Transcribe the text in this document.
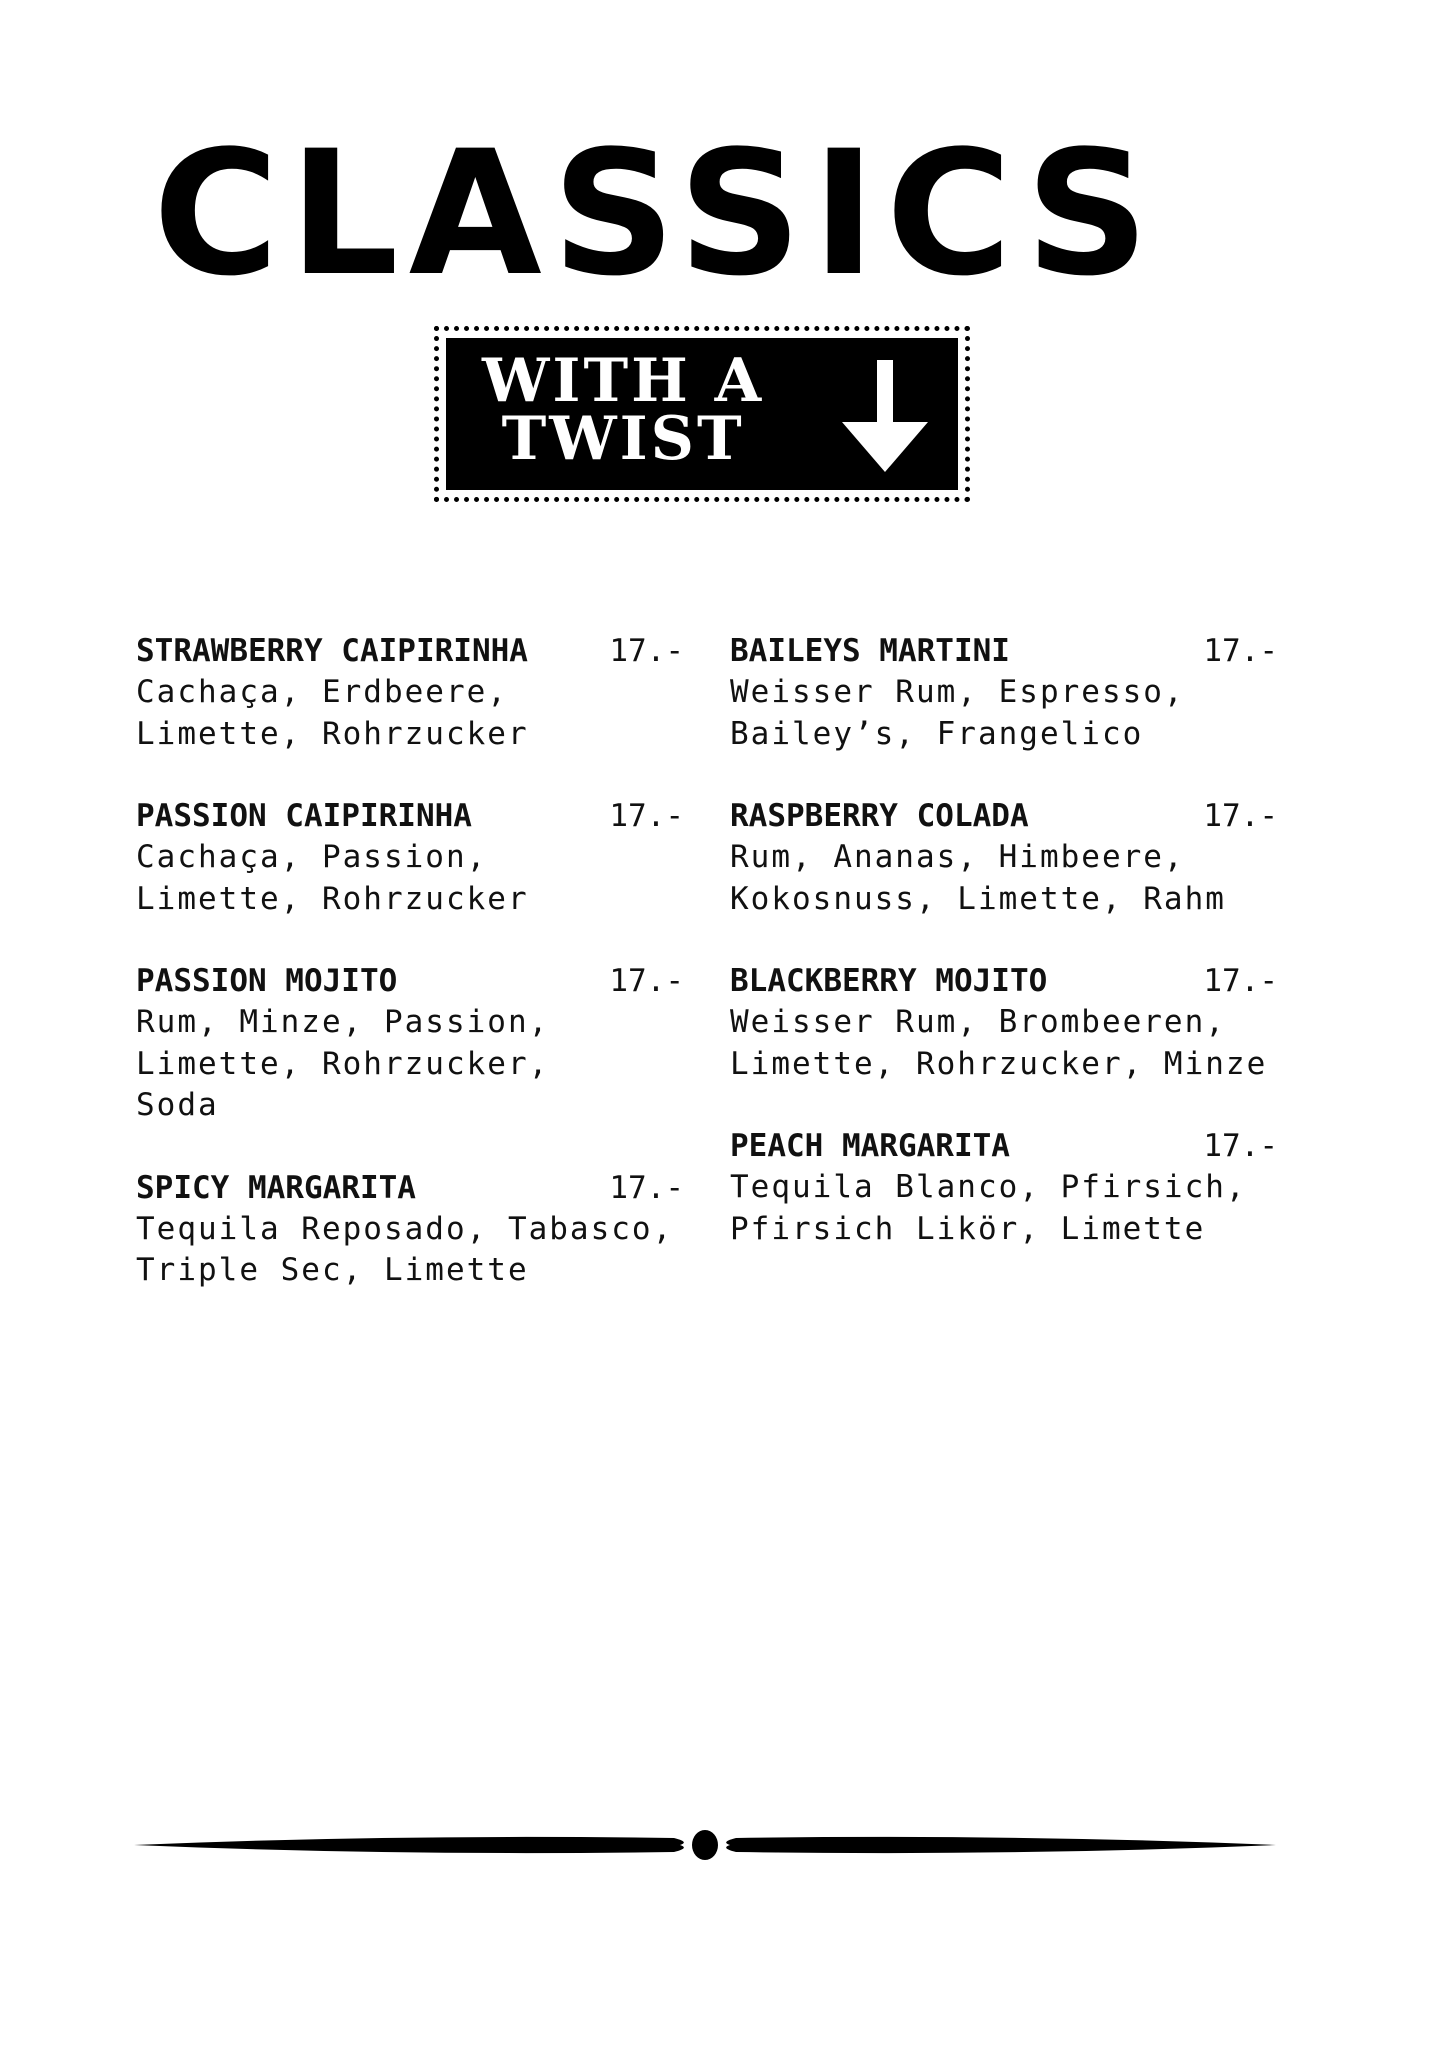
CLASSICS
WITH A
TWIST
STRAWBERRY CAIPIRINHA	17.-
Cachaça, Erdbeere,
Limette, Rohrzucker
PASSION CAIPIRINHA	17.-
Cachaça, Passion,
Limette, Rohrzucker
PASSION MOJITO	17.-
Rum, Minze, Passion,
Limette, Rohrzucker,
Soda
SPICY MARGARITA	17.-
Tequila Reposado, Tabasco,
Triple Sec, Limette
BAILEYS MARTINI	17.-
Weisser Rum, Espresso,
Bailey’s, Frangelico
RASPBERRY COLADA	17.-
Rum, Ananas, Himbeere,
Kokosnuss, Limette, Rahm
BLACKBERRY MOJITO	17.-
Weisser Rum, Brombeeren,
Limette, Rohrzucker, Minze
PEACH MARGARITA	17.-
Tequila Blanco, Pfirsich,
Pfirsich Likör, Limette
